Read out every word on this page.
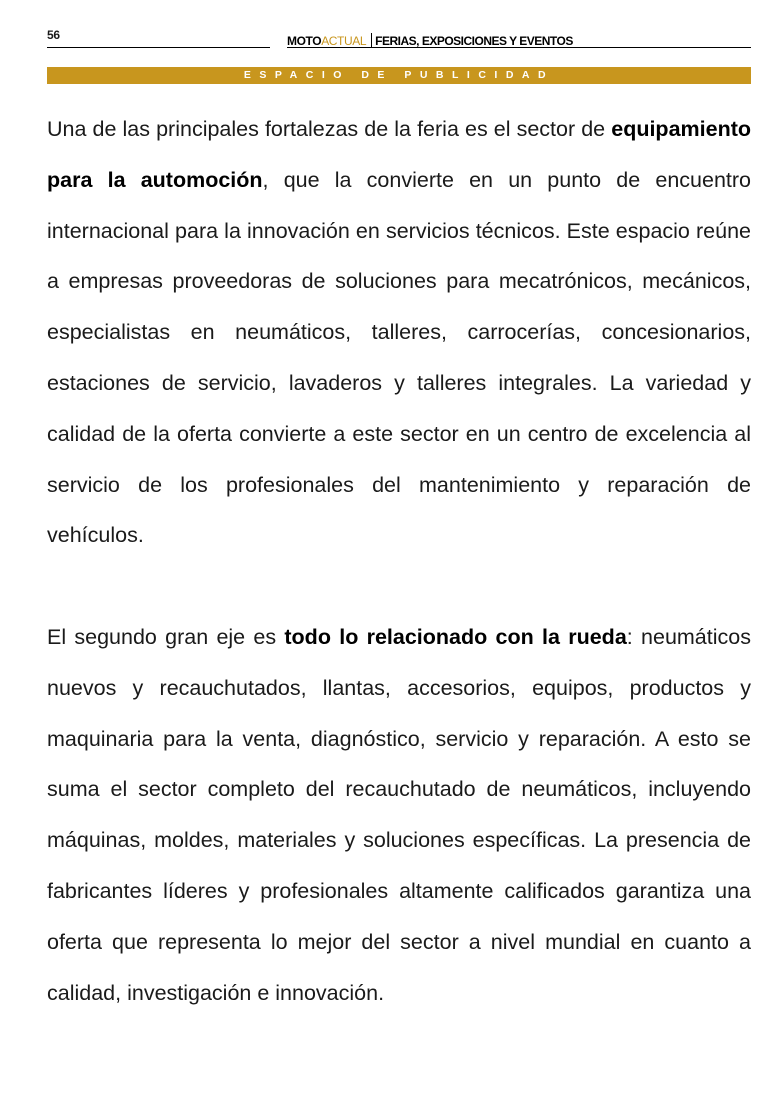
56	MOTOACTUAL FERIAS, EXPOSICIONES Y EVENTOS
ESPACIO DE PUBLICIDAD

Una de las principales fortalezas de la feria es el sector de equipamiento para la automoción, que la convierte en un punto de encuentro internacional para la innovación en servicios técnicos. Este espacio reúne a empresas proveedoras de soluciones para mecatrónicos, mecánicos, especialistas en neumáticos, talleres, carrocerías, concesionarios, estaciones de servicio, lavaderos y talleres integrales. La variedad y calidad de la oferta convierte a este sector en un centro de excelencia al servicio de los profesionales del mantenimiento y reparación de vehículos.

El segundo gran eje es todo lo relacionado con la rueda: neumáticos nuevos y recauchutados, llantas, accesorios, equipos, productos y maquinaria para la venta, diagnóstico, servicio y reparación. A esto se suma el sector completo del recauchutado de neumáticos, incluyendo máquinas, moldes, materiales y soluciones específicas. La presencia de fabricantes líderes y profesionales altamente calificados garantiza una oferta que representa lo mejor del sector a nivel mundial en cuanto a calidad, investigación e innovación.
